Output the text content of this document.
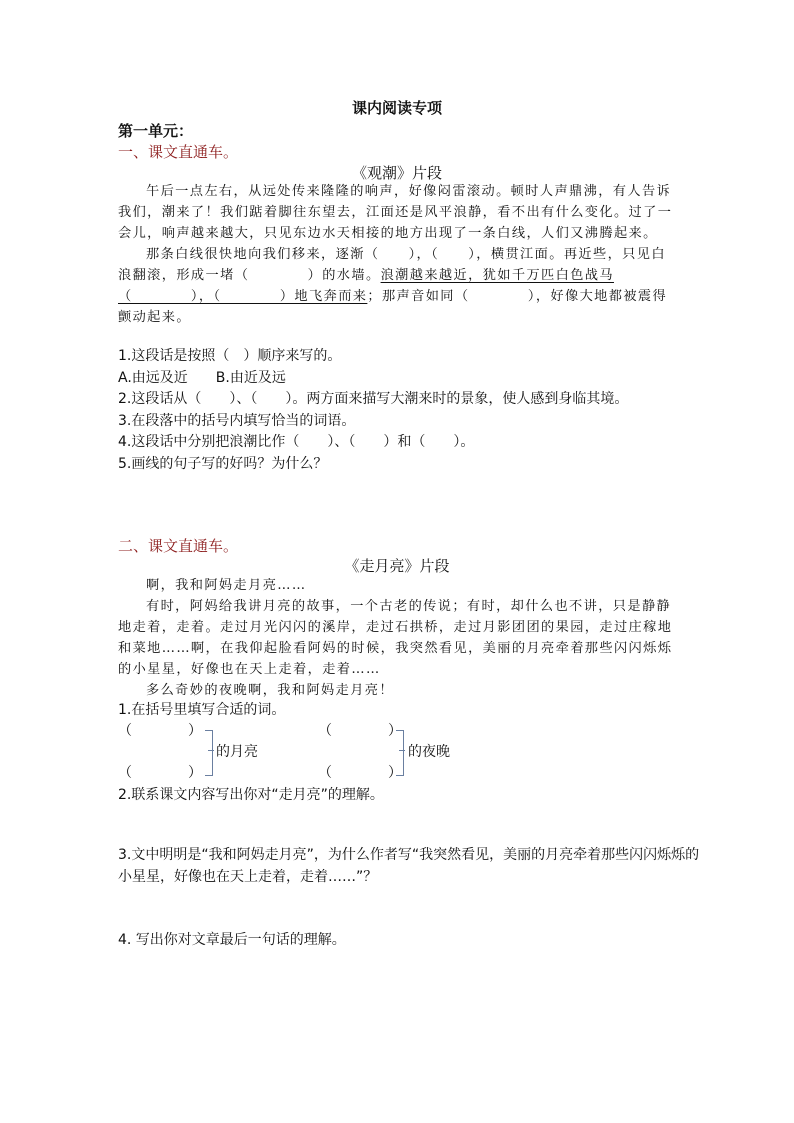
课内阅读专项
第一单元：
一、课文直通车。
《观潮》片段

午后一点左右，从远处传来隆隆的响声，好像闷雷滚动。顿时人声鼎沸，有人告诉我们，潮来了！我们踮着脚往东望去，江面还是风平浪静，看不出有什么变化。过了一会儿，响声越来越大，只见东边水天相接的地方出现了一条白线，人们又沸腾起来。

那条白线很快地向我们移来，逐渐（　　），（　　），横贯江面。再近些，只见白浪翻滚，形成一堵（　　　　）的水墙。浪潮越来越近，犹如千万匹白色战马（　　　　），（　　　　）地飞奔而来；那声音如同（　　　　），好像大地都被震得颤动起来。

1.这段话是按照（　）顺序来写的。
A.由远及近　　B.由近及远
2.这段话从（　　）、（　　）。两方面来描写大潮来时的景象，使人感到身临其境。
3.在段落中的括号内填写恰当的词语。
4.这段话中分别把浪潮比作（　　）、（　　）和（　　）。
5.画线的句子写的好吗？为什么？
二、课文直通车。
《走月亮》片段

啊，我和阿妈走月亮……

有时，阿妈给我讲月亮的故事，一个古老的传说；有时，却什么也不讲，只是静静地走着，走着。走过月光闪闪的溪岸，走过石拱桥，走过月影团团的果园，走过庄稼地和菜地……啊，在我仰起脸看阿妈的时候，我突然看见，美丽的月亮牵着那些闪闪烁烁的小星星，好像也在天上走着，走着……

多么奇妙的夜晚啊，我和阿妈走月亮！

1.在括号里填写合适的词。
（　　　　）
（　　　　）
的月亮
（　　　　）
（　　　　）
的夜晚
2.联系课文内容写出你对“走月亮”的理解。
3.文中明明是“我和阿妈走月亮”，为什么作者写“我突然看见，美丽的月亮牵着那些闪闪烁烁的小星星，好像也在天上走着，走着……”？
4. 写出你对文章最后一句话的理解。
